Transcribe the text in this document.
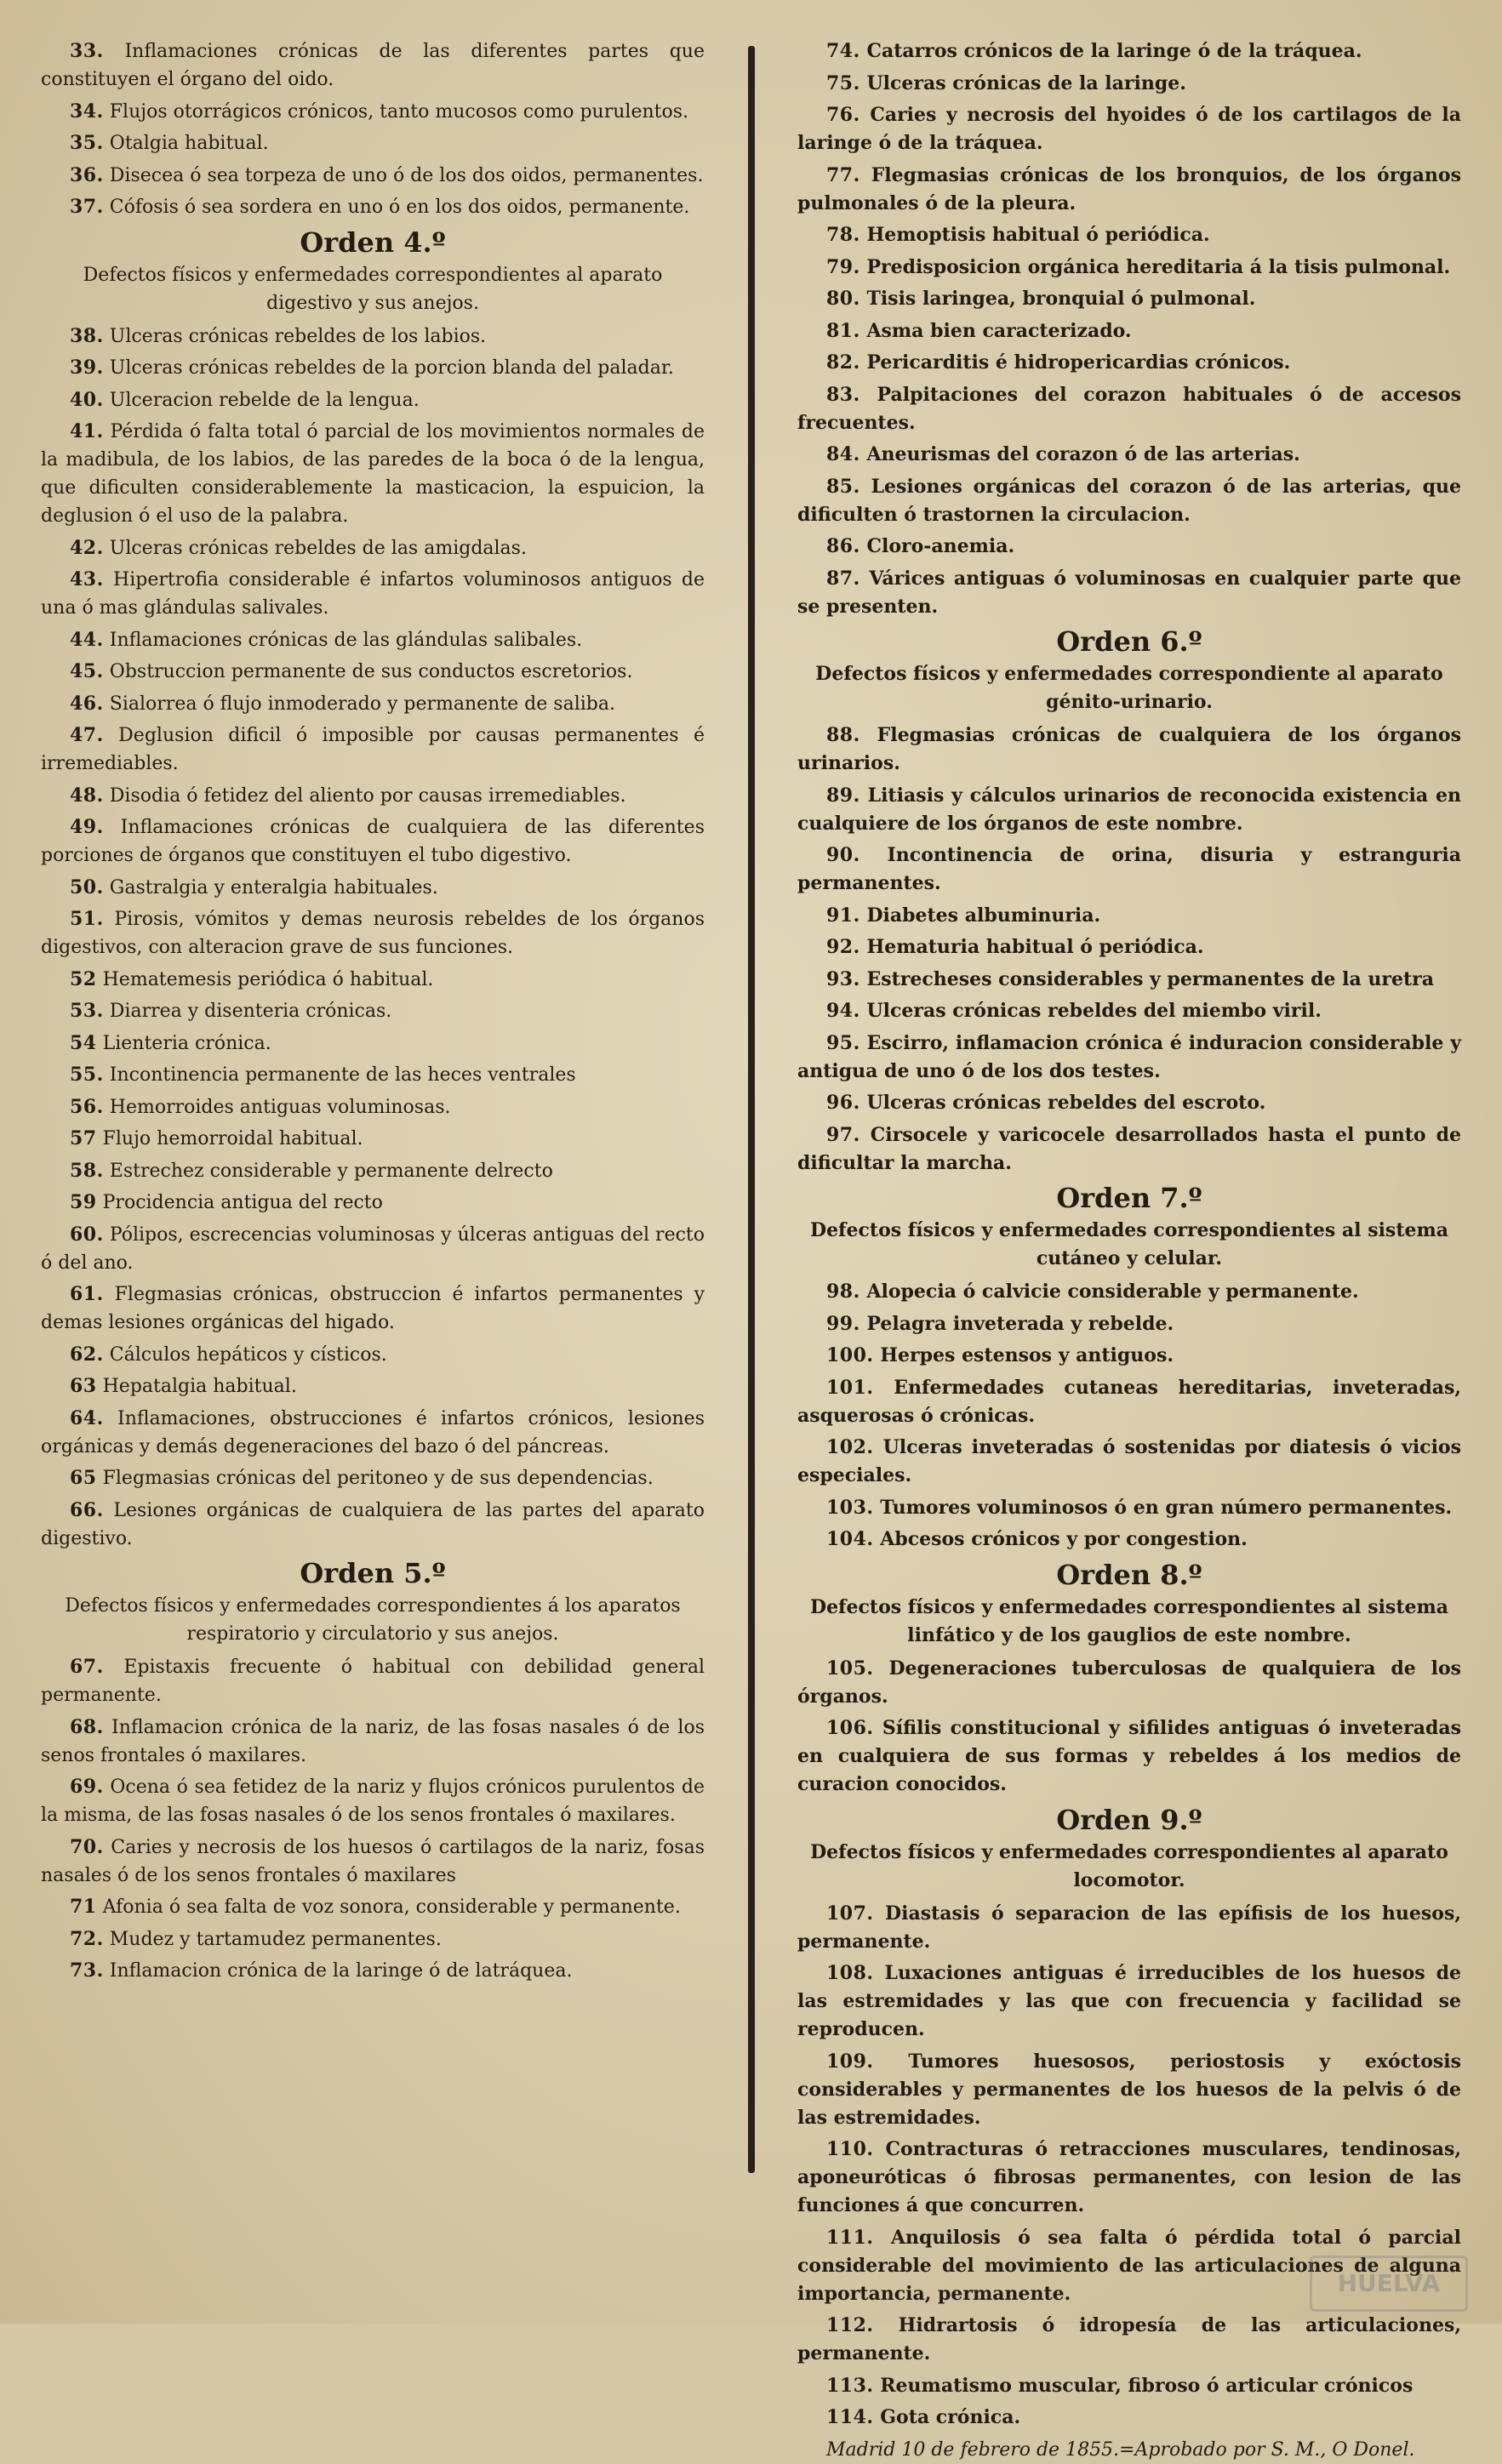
33. Inflamaciones crónicas de las diferentes partes que constituyen el órgano del oido.

34. Flujos otorrágicos crónicos, tanto mucosos como purulentos.

35. Otalgia habitual.

36. Disecea ó sea torpeza de uno ó de los dos oidos, permanentes.

37. Cófosis ó sea sordera en uno ó en los dos oidos, permanente.

Orden 4.º
Defectos físicos y enfermedades correspondientes al aparato digestivo y sus anejos.

38. Ulceras crónicas rebeldes de los labios.

39. Ulceras crónicas rebeldes de la porcion blanda del paladar.

40. Ulceracion rebelde de la lengua.

41. Pérdida ó falta total ó parcial de los movimientos normales de la madibula, de los labios, de las paredes de la boca ó de la lengua, que dificulten considerablemente la masticacion, la espuicion, la deglusion ó el uso de la palabra.

42. Ulceras crónicas rebeldes de las amigdalas.

43. Hipertrofia considerable é infartos voluminosos antiguos de una ó mas glándulas salivales.

44. Inflamaciones crónicas de las glándulas salibales.

45. Obstruccion permanente de sus conductos escretorios.

46. Sialorrea ó flujo inmoderado y permanente de saliba.

47. Deglusion dificil ó imposible por causas permanentes é irremediables.

48. Disodia ó fetidez del aliento por causas irremediables.

49. Inflamaciones crónicas de cualquiera de las diferentes porciones de órganos que constituyen el tubo digestivo.

50. Gastralgia y enteralgia habituales.

51. Pirosis, vómitos y demas neurosis rebeldes de los órganos digestivos, con alteracion grave de sus funciones.

52 Hematemesis periódica ó habitual.

53. Diarrea y disenteria crónicas.

54 Lienteria crónica.

55. Incontinencia permanente de las heces ventrales

56. Hemorroides antiguas voluminosas.

57 Flujo hemorroidal habitual.

58. Estrechez considerable y permanente delrecto

59 Procidencia antigua del recto

60. Pólipos, escrecencias voluminosas y úlceras antiguas del recto ó del ano.

61. Flegmasias crónicas, obstruccion é infartos permanentes y demas lesiones orgánicas del higado.

62. Cálculos hepáticos y císticos.

63 Hepatalgia habitual.

64. Inflamaciones, obstrucciones é infartos crónicos, lesiones orgánicas y demás degeneraciones del bazo ó del páncreas.

65 Flegmasias crónicas del peritoneo y de sus dependencias.

66. Lesiones orgánicas de cualquiera de las partes del aparato digestivo.

Orden 5.º
Defectos físicos y enfermedades correspondientes á los aparatos respiratorio y circulatorio y sus anejos.

67. Epistaxis frecuente ó habitual con debilidad general permanente.

68. Inflamacion crónica de la nariz, de las fosas nasales ó de los senos frontales ó maxilares.

69. Ocena ó sea fetidez de la nariz y flujos crónicos purulentos de la misma, de las fosas nasales ó de los senos frontales ó maxilares.

70. Caries y necrosis de los huesos ó cartilagos de la nariz, fosas nasales ó de los senos frontales ó maxilares

71 Afonia ó sea falta de voz sonora, considerable y permanente.

72. Mudez y tartamudez permanentes.

73. Inflamacion crónica de la laringe ó de latráquea.

74. Catarros crónicos de la laringe ó de la tráquea.

75. Ulceras crónicas de la laringe.

76. Caries y necrosis del hyoides ó de los cartilagos de la laringe ó de la tráquea.

77. Flegmasias crónicas de los bronquios, de los órganos pulmonales ó de la pleura.

78. Hemoptisis habitual ó periódica.

79. Predisposicion orgánica hereditaria á la tisis pulmonal.

80. Tisis laringea, bronquial ó pulmonal.

81. Asma bien caracterizado.

82. Pericarditis é hidropericardias crónicos.

83. Palpitaciones del corazon habituales ó de accesos frecuentes.

84. Aneurismas del corazon ó de las arterias.

85. Lesiones orgánicas del corazon ó de las arterias, que dificulten ó trastornen la circulacion.

86. Cloro-anemia.

87. Várices antiguas ó voluminosas en cualquier parte que se presenten.

Orden 6.º
Defectos físicos y enfermedades correspondiente al aparato génito-urinario.

88. Flegmasias crónicas de cualquiera de los órganos urinarios.

89. Litiasis y cálculos urinarios de reconocida existencia en cualquiere de los órganos de este nombre.

90. Incontinencia de orina, disuria y estranguria permanentes.

91. Diabetes albuminuria.

92. Hematuria habitual ó periódica.

93. Estrecheses considerables y permanentes de la uretra

94. Ulceras crónicas rebeldes del miembo viril.

95. Escirro, inflamacion crónica é induracion considerable y antigua de uno ó de los dos testes.

96. Ulceras crónicas rebeldes del escroto.

97. Cirsocele y varicocele desarrollados hasta el punto de dificultar la marcha.

Orden 7.º
Defectos físicos y enfermedades correspondientes al sistema cutáneo y celular.

98. Alopecia ó calvicie considerable y permanente.

99. Pelagra inveterada y rebelde.

100. Herpes estensos y antiguos.

101. Enfermedades cutaneas hereditarias, inveteradas, asquerosas ó crónicas.

102. Ulceras inveteradas ó sostenidas por diatesis ó vicios especiales.

103. Tumores voluminosos ó en gran número permanentes.

104. Abcesos crónicos y por congestion.

Orden 8.º
Defectos físicos y enfermedades correspondientes al sistema linfático y de los gauglios de este nombre.

105. Degeneraciones tuberculosas de qualquiera de los órganos.

106. Sífilis constitucional y sifilides antiguas ó inveteradas en cualquiera de sus formas y rebeldes á los medios de curacion conocidos.

Orden 9.º
Defectos físicos y enfermedades correspondientes al aparato locomotor.

107. Diastasis ó separacion de las epífisis de los huesos, permanente.

108. Luxaciones antiguas é irreducibles de los huesos de las estremidades y las que con frecuencia y facilidad se reproducen.

109. Tumores huesosos, periostosis y exóctosis considerables y permanentes de los huesos de la pelvis ó de las estremidades.

110. Contracturas ó retracciones musculares, tendinosas, aponeuróticas ó fibrosas permanentes, con lesion de las funciones á que concurren.

111. Anquilosis ó sea falta ó pérdida total ó parcial considerable del movimiento de las articulaciones de alguna importancia, permanente.

112. Hidrartosis ó idropesía de las articulaciones, permanente.

113. Reumatismo muscular, fibroso ó articular crónicos

114. Gota crónica.

Madrid 10 de febrero de 1855.=Aprobado por S. M., O Donel.

HUELVA
